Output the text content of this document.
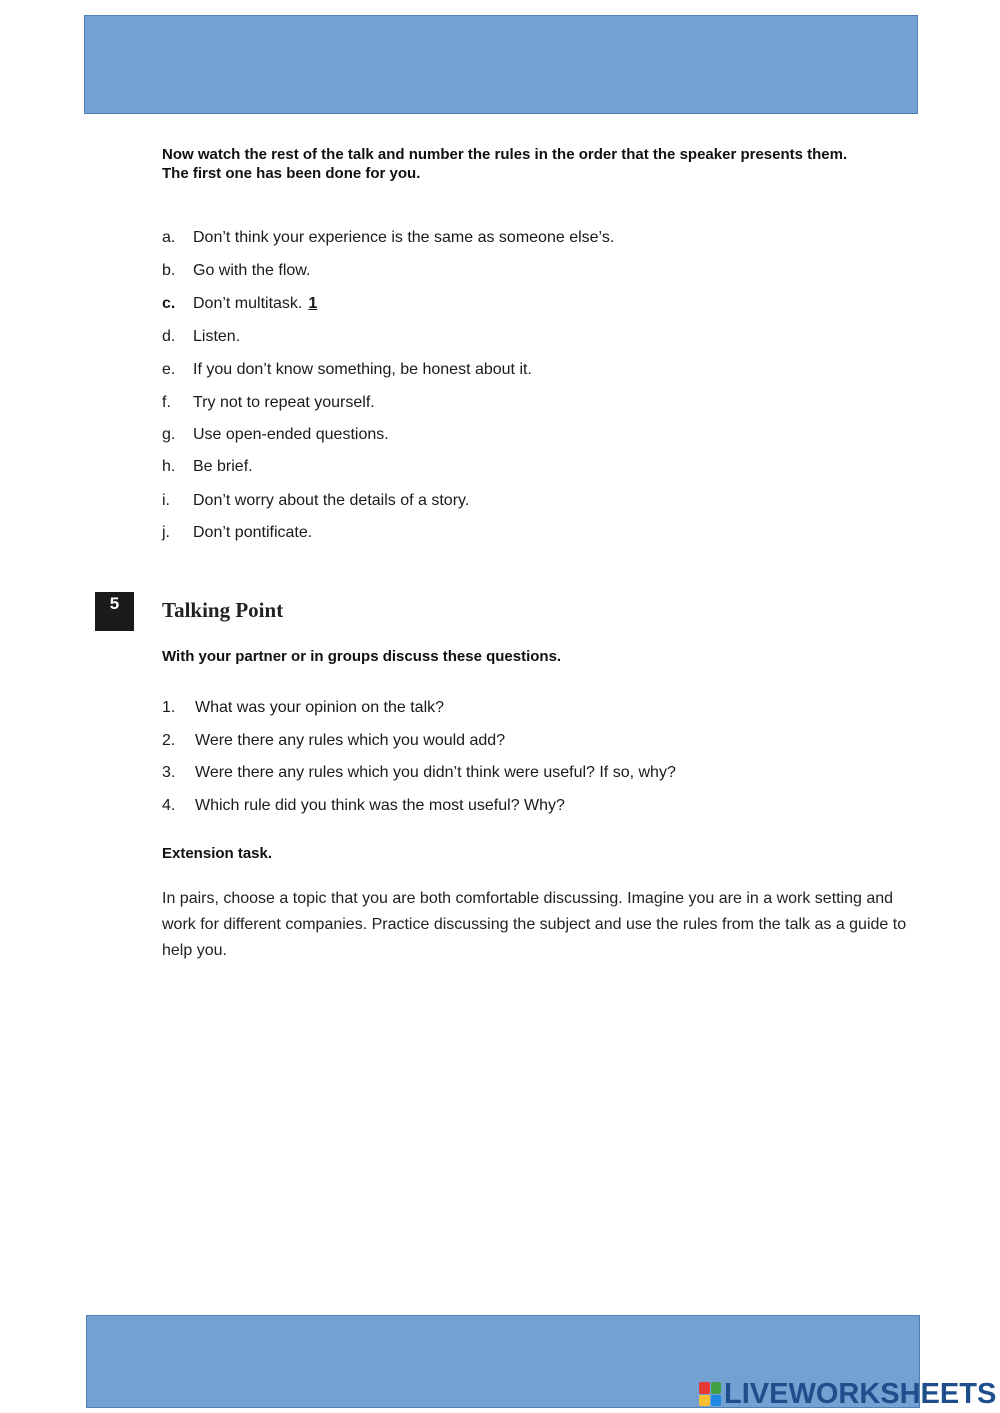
Now watch the rest of the talk and number the rules in the order that the speaker presents them.
The first one has been done for you.
a.	Don’t think your experience is the same as someone else’s.
b.	Go with the flow.
c.	Don’t multitask. 1
d.	Listen.
e.	If you don’t know something, be honest about it.
f.	Try not to repeat yourself.
g.	Use open-ended questions.
h.	Be brief.
i.	Don’t worry about the details of a story.
j.	Don’t pontificate.
5	Talking Point
With your partner or in groups discuss these questions.
1.	What was your opinion on the talk?
2.	Were there any rules which you would add?
3.	Were there any rules which you didn’t think were useful? If so, why?
4.	Which rule did you think was the most useful? Why?
Extension task.
In pairs, choose a topic that you are both comfortable discussing. Imagine you are in a work setting and work for different companies. Practice discussing the subject and use the rules from the talk as a guide to help you.
LIVEWORKSHEETS
